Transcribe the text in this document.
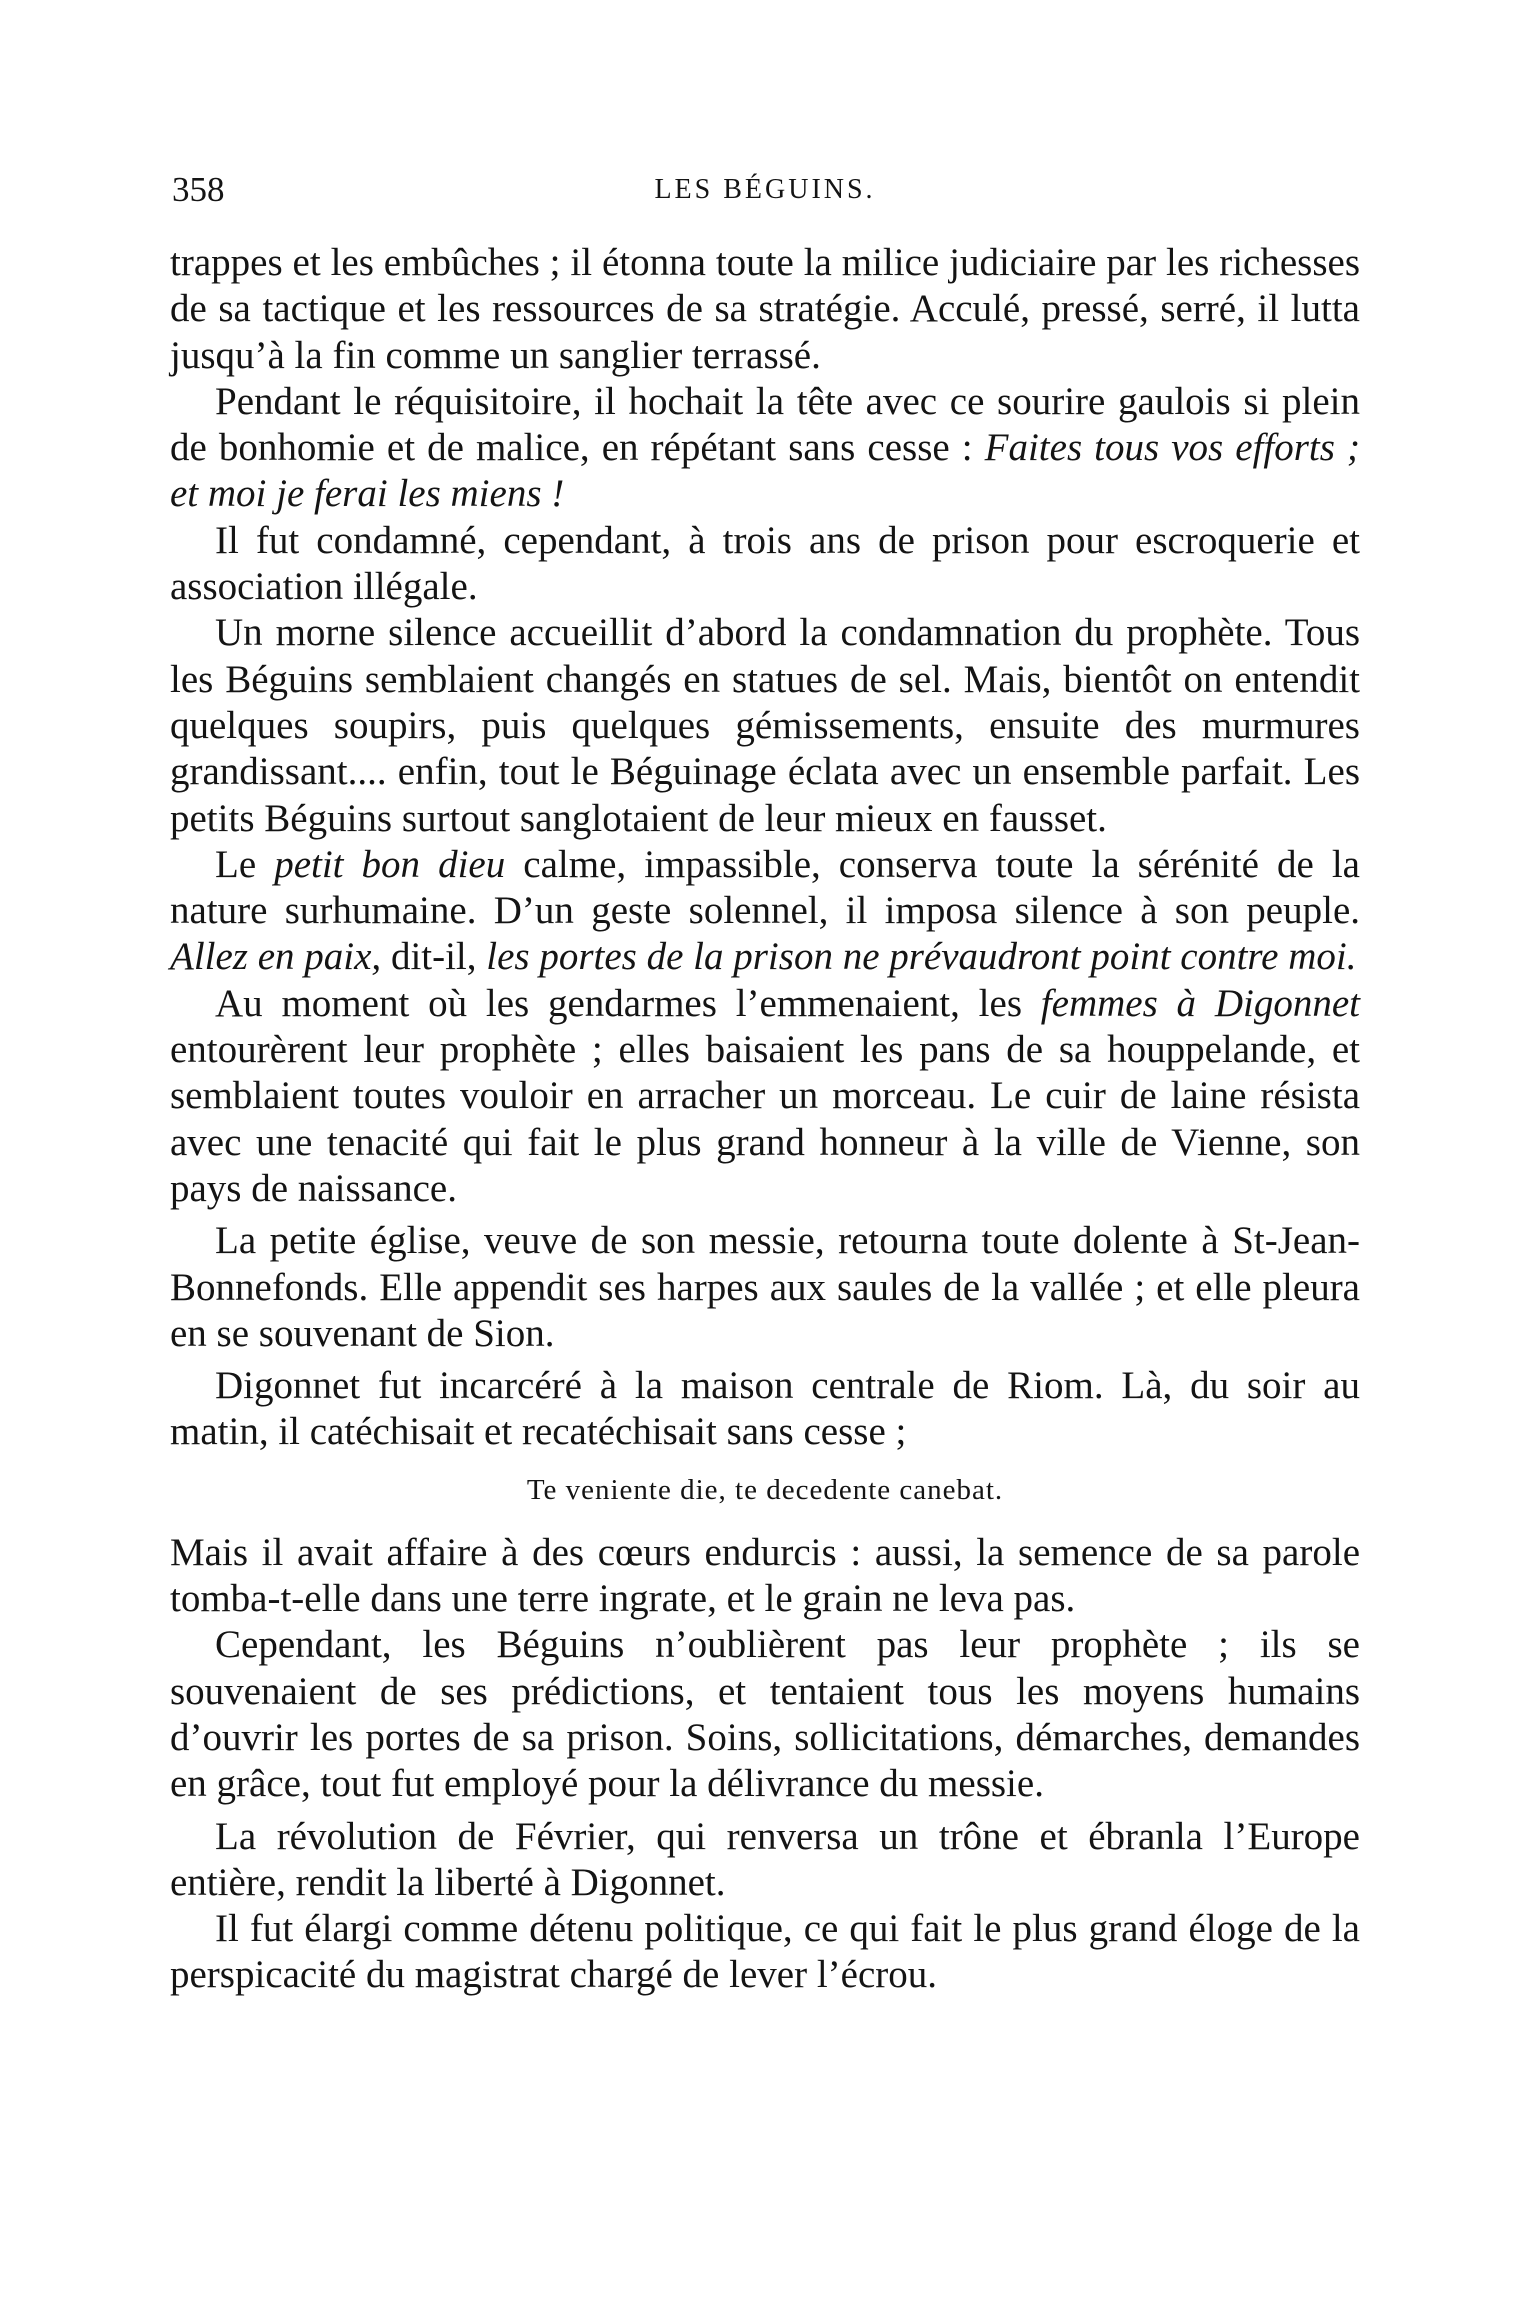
358	LES BÉGUINS.

trappes et les embûches ; il étonna toute la milice judiciaire par les richesses de sa tactique et les ressources de sa stratégie. Acculé, pressé, serré, il lutta jusqu’à la fin comme un sanglier terrassé.

Pendant le réquisitoire, il hochait la tête avec ce sourire gaulois si plein de bonhomie et de malice, en répétant sans cesse : Faites tous vos efforts ; et moi je ferai les miens !

Il fut condamné, cependant, à trois ans de prison pour escroquerie et association illégale.

Un morne silence accueillit d’abord la condamnation du prophète. Tous les Béguins semblaient changés en statues de sel. Mais, bientôt on entendit quelques soupirs, puis quelques gémissements, ensuite des murmures grandissant.... enfin, tout le Béguinage éclata avec un ensemble parfait. Les petits Béguins surtout sanglotaient de leur mieux en fausset.

Le petit bon dieu calme, impassible, conserva toute la sérénité de la nature surhumaine. D’un geste solennel, il imposa silence à son peuple. Allez en paix, dit-il, les portes de la prison ne prévaudront point contre moi.

Au moment où les gendarmes l’emmenaient, les femmes à Digonnet entourèrent leur prophète ; elles baisaient les pans de sa houppelande, et semblaient toutes vouloir en arracher un morceau. Le cuir de laine résista avec une tenacité qui fait le plus grand honneur à la ville de Vienne, son pays de naissance.

La petite église, veuve de son messie, retourna toute dolente à St-Jean-Bonnefonds. Elle appendit ses harpes aux saules de la vallée ; et elle pleura en se souvenant de Sion.

Digonnet fut incarcéré à la maison centrale de Riom. Là, du soir au matin, il catéchisait et recatéchisait sans cesse ;

Te veniente die, te decedente canebat.

Mais il avait affaire à des cœurs endurcis : aussi, la semence de sa parole tomba-t-elle dans une terre ingrate, et le grain ne leva pas.

Cependant, les Béguins n’oublièrent pas leur prophète ; ils se souvenaient de ses prédictions, et tentaient tous les moyens humains d’ouvrir les portes de sa prison. Soins, sollicitations, démarches, demandes en grâce, tout fut employé pour la délivrance du messie.

La révolution de Février, qui renversa un trône et ébranla l’Europe entière, rendit la liberté à Digonnet.

Il fut élargi comme détenu politique, ce qui fait le plus grand éloge de la perspicacité du magistrat chargé de lever l’écrou.
